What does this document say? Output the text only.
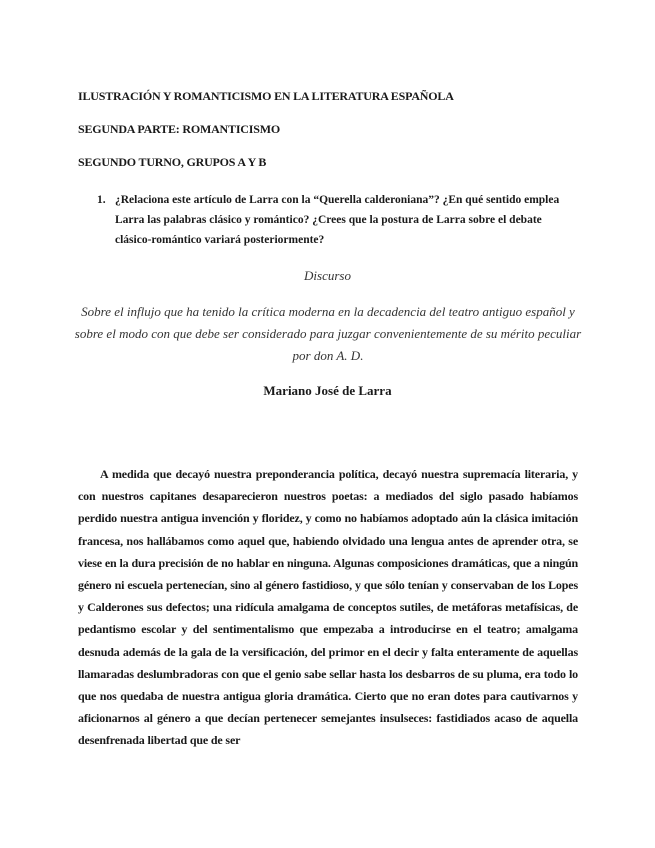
ILUSTRACIÓN Y ROMANTICISMO EN LA LITERATURA ESPAÑOLA
SEGUNDA PARTE: ROMANTICISMO
SEGUNDO TURNO, GRUPOS A Y B
1. ¿Relaciona este artículo de Larra con la “Querella calderoniana”? ¿En qué sentido emplea Larra las palabras clásico y romántico? ¿Crees que la postura de Larra sobre el debate clásico-romántico variará posteriormente?
Discurso
Sobre el influjo que ha tenido la crítica moderna en la decadencia del teatro antiguo español y sobre el modo con que debe ser considerado para juzgar convenientemente de su mérito peculiar por don A. D.
Mariano José de Larra

A medida que decayó nuestra preponderancia política, decayó nuestra supremacía literaria, y con nuestros capitanes desaparecieron nuestros poetas: a mediados del siglo pasado habíamos perdido nuestra antigua invención y floridez, y como no habíamos adoptado aún la clásica imitación francesa, nos hallábamos como aquel que, habiendo olvidado una lengua antes de aprender otra, se viese en la dura precisión de no hablar en ninguna. Algunas composiciones dramáticas, que a ningún género ni escuela pertenecían, sino al género fastidioso, y que sólo tenían y conservaban de los Lopes y Calderones sus defectos; una ridícula amalgama de conceptos sutiles, de metáforas metafísicas, de pedantismo escolar y del sentimentalismo que empezaba a introducirse en el teatro; amalgama desnuda además de la gala de la versificación, del primor en el decir y falta enteramente de aquellas llamaradas deslumbradoras con que el genio sabe sellar hasta los desbarros de su pluma, era todo lo que nos quedaba de nuestra antigua gloria dramática. Cierto que no eran dotes para cautivarnos y aficionarnos al género a que decían pertenecer semejantes insulseces: fastidiados acaso de aquella desenfrenada libertad que de ser
